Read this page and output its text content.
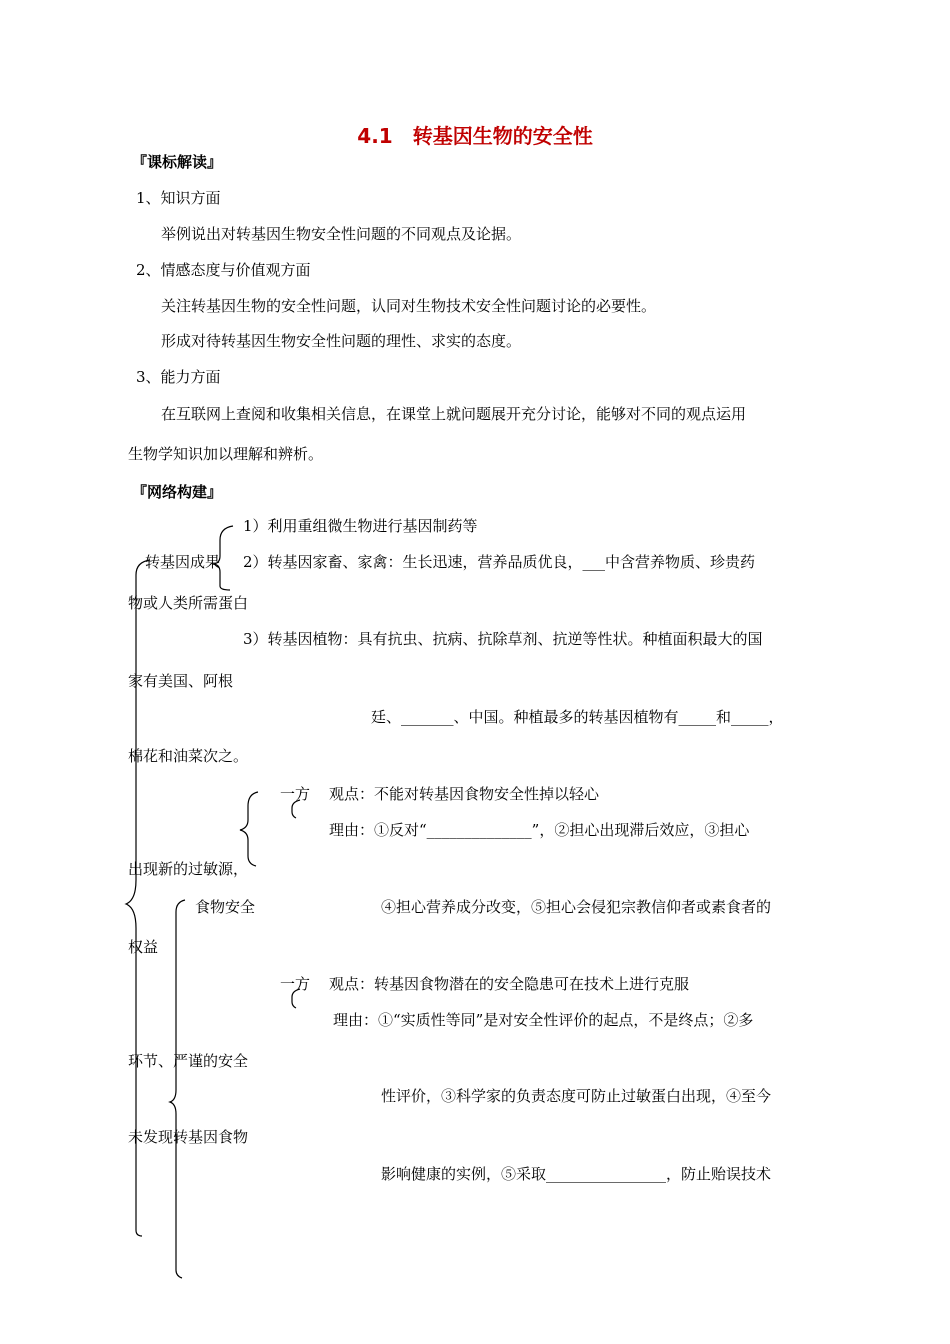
4.1　转基因生物的安全性
『课标解读』
1、知识方面
举例说出对转基因生物安全性问题的不同观点及论据。
2、情感态度与价值观方面
关注转基因生物的安全性问题，认同对生物技术安全性问题讨论的必要性。
形成对待转基因生物安全性问题的理性、求实的态度。
3、能力方面
在互联网上查阅和收集相关信息，在课堂上就问题展开充分讨论，能够对不同的观点运用
生物学知识加以理解和辨析。
『网络构建』
1）利用重组微生物进行基因制药等
转基因成果 2）转基因家畜、家禽：生长迅速，营养品质优良，___中含营养物质、珍贵药
物或人类所需蛋白
3）转基因植物：具有抗虫、抗病、抗除草剂、抗逆等性状。种植面积最大的国
家有美国、阿根
廷、_______、中国。种植最多的转基因植物有_____和_____，
棉花和油菜次之。
一方 观点：不能对转基因食物安全性掉以轻心
理由：①反对“______________”，②担心出现滞后效应，③担心
出现新的过敏源，
食物安全	④担心营养成分改变，⑤担心会侵犯宗教信仰者或素食者的
权益
一方 观点：转基因食物潜在的安全隐患可在技术上进行克服
理由：①“实质性等同”是对安全性评价的起点，不是终点；②多
环节、严谨的安全
性评价，③科学家的负责态度可防止过敏蛋白出现，④至今
未发现转基因食物
影响健康的实例，⑤采取________________，防止贻误技术
